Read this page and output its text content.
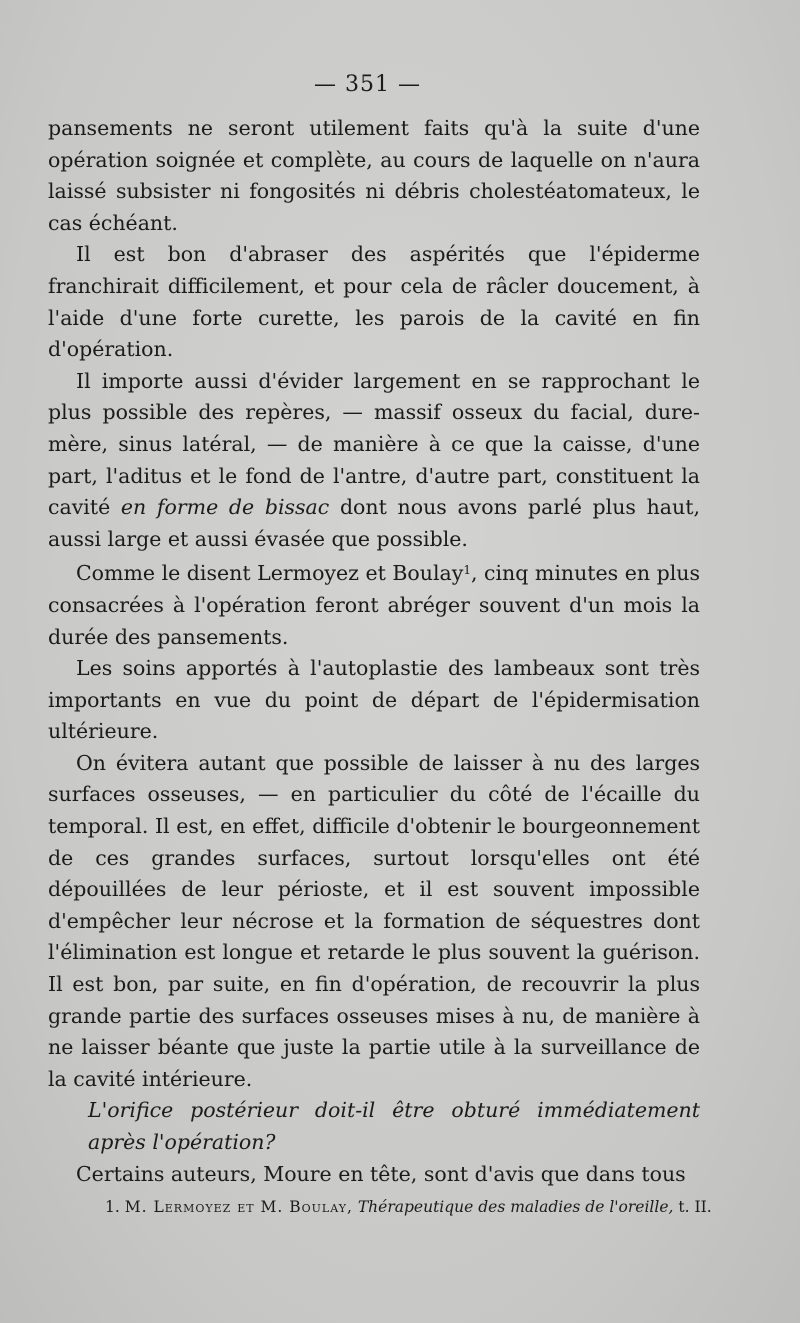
— 351 —

pansements ne seront utilement faits qu'à la suite d'une opération soignée et complète, au cours de laquelle on n'aura laissé subsister ni fongosités ni débris cholestéatomateux, le cas échéant.

Il est bon d'abraser des aspérités que l'épiderme franchirait difficilement, et pour cela de râcler doucement, à l'aide d'une forte curette, les parois de la cavité en fin d'opération.

Il importe aussi d'évider largement en se rapprochant le plus possible des repères, — massif osseux du facial, dure-mère, sinus latéral, — de manière à ce que la caisse, d'une part, l'aditus et le fond de l'antre, d'autre part, constituent la cavité en forme de bissac dont nous avons parlé plus haut, aussi large et aussi évasée que possible.

Comme le disent Lermoyez et Boulay$^1$, cinq minutes en plus consacrées à l'opération feront abréger souvent d'un mois la durée des pansements.

Les soins apportés à l'autoplastie des lambeaux sont très importants en vue du point de départ de l'épidermisation ultérieure.

On évitera autant que possible de laisser à nu des larges surfaces osseuses, — en particulier du côté de l'écaille du temporal. Il est, en effet, difficile d'obtenir le bourgeonnement de ces grandes surfaces, surtout lorsqu'elles ont été dépouillées de leur périoste, et il est souvent impossible d'empêcher leur nécrose et la formation de séquestres dont l'élimination est longue et retarde le plus souvent la guérison. Il est bon, par suite, en fin d'opération, de recouvrir la plus grande partie des surfaces osseuses mises à nu, de manière à ne laisser béante que juste la partie utile à la surveillance de la cavité intérieure.

L'orifice postérieur doit-il être obturé immédiatement après l'opération?

Certains auteurs, Moure en tête, sont d'avis que dans tous

1. M. Lermoyez et M. Boulay, Thérapeutique des maladies de l'oreille, t. II.
